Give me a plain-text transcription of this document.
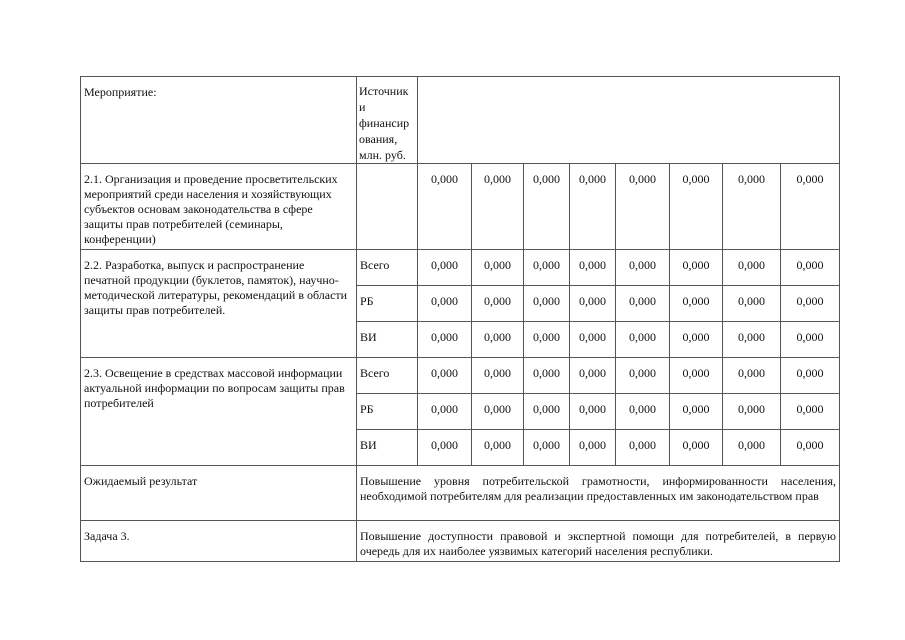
Мероприятие:	Источник и финансир ования, млн. руб.								
2.1. Организация и проведение просветительских мероприятий среди населения и хозяйствующих субъектов основам законодательства в сфере защиты прав потребителей (семинары, конференции)		0,000	0,000	0,000	0,000	0,000	0,000	0,000	0,000
2.2. Разработка, выпуск и распространение печатной продукции (буклетов, памяток), научно-методической литературы, рекомендаций в области защиты прав потребителей.	Всего	0,000	0,000	0,000	0,000	0,000	0,000	0,000	0,000
	РБ	0,000	0,000	0,000	0,000	0,000	0,000	0,000	0,000
	ВИ	0,000	0,000	0,000	0,000	0,000	0,000	0,000	0,000
2.3. Освещение в средствах массовой информации актуальной информации по вопросам защиты прав потребителей	Всего	0,000	0,000	0,000	0,000	0,000	0,000	0,000	0,000
	РБ	0,000	0,000	0,000	0,000	0,000	0,000	0,000	0,000
	ВИ	0,000	0,000	0,000	0,000	0,000	0,000	0,000	0,000
Ожидаемый результат	Повышение уровня потребительской грамотности, информированности населения, необходимой потребителям для реализации предоставленных им законодательством прав								
Задача 3.	Повышение доступности правовой и экспертной помощи для потребителей, в первую очередь для их наиболее уязвимых категорий населения республики.								
